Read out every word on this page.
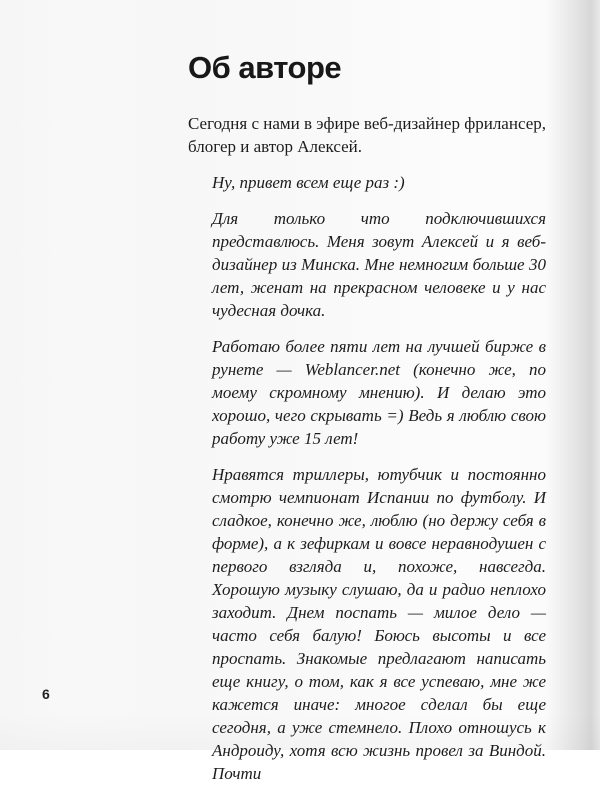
Об авторе

Сегодня с нами в эфире веб-дизайнер фрилансер, блогер и автор Алексей.

Ну, привет всем еще раз :)

Для только что подключившихся представлюсь. Меня зовут Алексей и я веб-дизайнер из Минска. Мне немногим больше 30 лет, женат на прекрасном человеке и у нас чудесная дочка.

Работаю более пяти лет на лучшей бирже в рунете — Weblancer.net (конечно же, по моему скромному мнению). И делаю это хорошо, чего скрывать =) Ведь я люблю свою работу уже 15 лет!

Нравятся триллеры, ютубчик и постоянно смотрю чемпионат Испании по футболу. И сладкое, конечно же, люблю (но держу себя в форме), а к зефиркам и вовсе неравнодушен с первого взгляда и, похоже, навсегда. Хорошую музыку слушаю, да и радио неплохо заходит. Днем поспать — милое дело — часто себя балую! Боюсь высоты и все проспать. Знакомые предлагают написать еще книгу, о том, как я все успеваю, мне же кажется иначе: многое сделал бы еще сегодня, а уже стемнело. Плохо отношусь к Андроиду, хотя всю жизнь провел за Виндой. Почти

6
